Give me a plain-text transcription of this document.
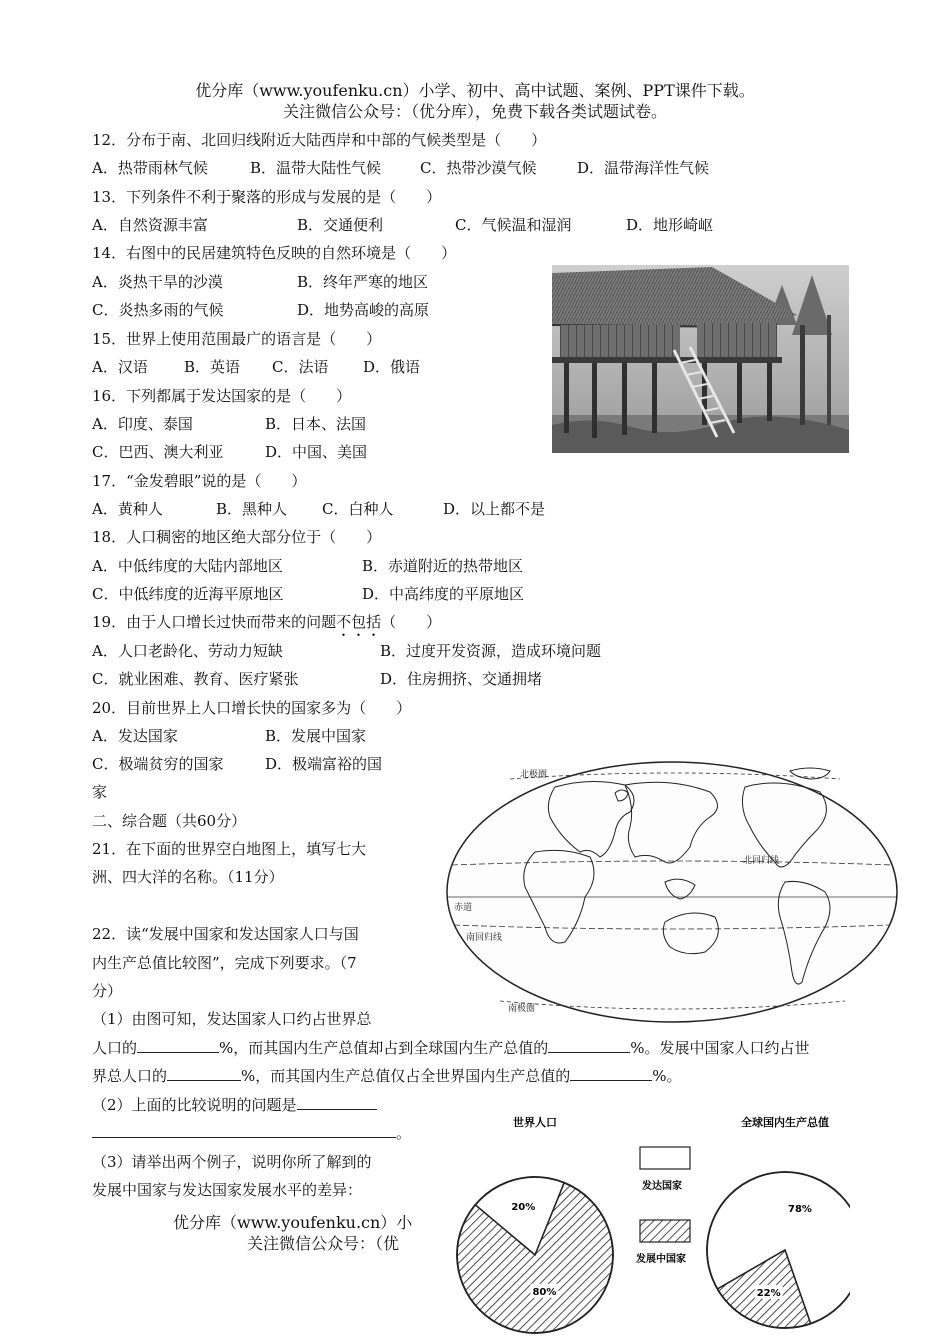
优分库（www.youfenku.cn）小学、初中、高中试题、案例、PPT课件下载。
关注微信公众号：（优分库），免费下载各类试题试卷。
12．分布于南、北回归线附近大陆西岸和中部的气候类型是（　　）
A．热带雨林气候	B．温带大陆性气候	C．热带沙漠气候	D．温带海洋性气候
13．下列条件不利于聚落的形成与发展的是（　　）
A．自然资源丰富	B．交通便利	C．气候温和湿润	D．地形崎岖
14．右图中的民居建筑特色反映的自然环境是（　　）
A．炎热干旱的沙漠	B．终年严寒的地区
C．炎热多雨的气候	D．地势高峻的高原
15．世界上使用范围最广的语言是（　　）
A．汉语 B．英语 C．法语 D．俄语
16．下列都属于发达国家的是（　　）
A．印度、泰国	B．日本、法国
C．巴西、澳大利亚	D．中国、美国
17．“金发碧眼”说的是（　　）
A．黄种人	B．黑种人 C．白种人	D．以上都不是
18．人口稠密的地区绝大部分位于（　　）
A．中低纬度的大陆内部地区	B．赤道附近的热带地区
C．中低纬度的近海平原地区	D．中高纬度的平原地区
19．由于人口增长过快而带来的问题不包括（　　）
A．人口老龄化、劳动力短缺	B．过度开发资源，造成环境问题
C．就业困难、教育、医疗紧张	D．住房拥挤、交通拥堵
20．目前世界上人口增长快的国家多为（　　）
A．发达国家	B．发展中国家
C．极端贫穷的国家	D．极端富裕的国
家
二、综合题（共60分）
21．在下面的世界空白地图上，填写七大
洲、四大洋的名称。（11分）
22．读“发展中国家和发达国家人口与国
内生产总值比较图”，完成下列要求。（7
分）
（1）由图可知，发达国家人口约占世界总
人口的	%，而其国内生产总值却占到全球国内生产总值的	%。发展中国家人口约占世
界总人口的	%，而其国内生产总值仅占全世界国内生产总值的	%。
（2）上面的比较说明的问题是
。
（3）请举出两个例子，说明你所了解到的
发展中国家与发达国家发展水平的差异：
优分库（www.youfenku.cn）小
关注微信公众号：（优
北极圈
北回归线
赤道
南回归线
南极圈
世界人口
20%
80%
发达国家
发展中国家
全球国内生产总值
78%
22%
